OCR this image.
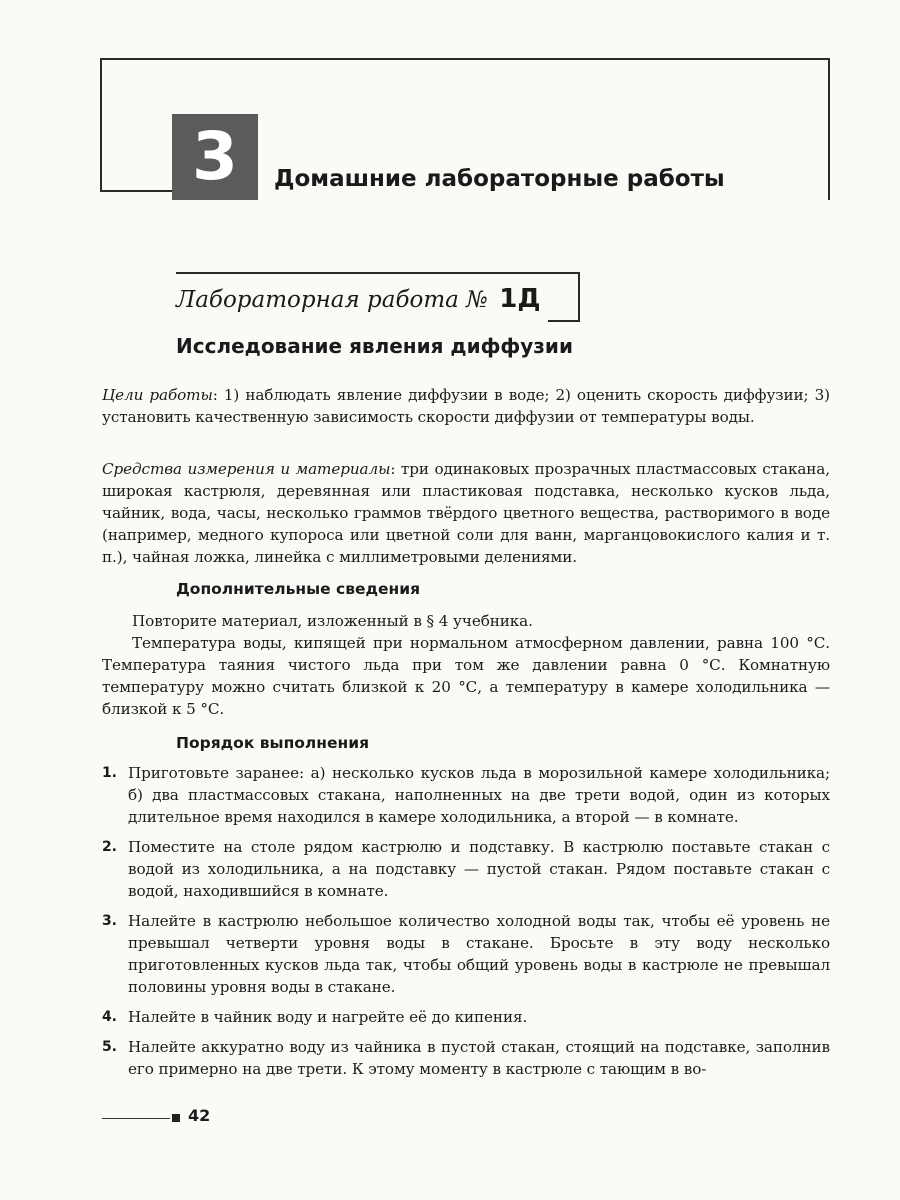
3	Домашние лабораторные работы
Лабораторная работа № 1Д
Исследование явления диффузии
Цели работы: 1) наблюдать явление диффузии в воде; 2) оценить скорость диффузии; 3) установить качественную зависимость скорости диффузии от температуры воды.
Средства измерения и материалы: три одинаковых прозрачных пластмассовых стакана, широкая кастрюля, деревянная или пластиковая подставка, несколько кусков льда, чайник, вода, часы, несколько граммов твёрдого цветного вещества, растворимого в воде (например, медного купороса или цветной соли для ванн, марганцовокислого калия и т. п.), чайная ложка, линейка с миллиметровыми делениями.
Дополнительные сведения
Повторите материал, изложенный в § 4 учебника.
Температура воды, кипящей при нормальном атмосферном давлении, равна 100 °С. Температура таяния чистого льда при том же давлении равна 0 °С. Комнатную температуру можно считать близкой к 20 °С, а температуру в камере холодильника — близкой к 5 °С.
Порядок выполнения
1. Приготовьте заранее: а) несколько кусков льда в морозильной камере холодильника; б) два пластмассовых стакана, наполненных на две трети водой, один из которых длительное время находился в камере холодильника, а второй — в комнате.
2. Поместите на столе рядом кастрюлю и подставку. В кастрюлю поставьте стакан с водой из холодильника, а на подставку — пустой стакан. Рядом поставьте стакан с водой, находившийся в комнате.
3. Налейте в кастрюлю небольшое количество холодной воды так, чтобы её уровень не превышал четверти уровня воды в стакане. Бросьте в эту воду несколько приготовленных кусков льда так, чтобы общий уровень воды в кастрюле не превышал половины уровня воды в стакане.
4. Налейте в чайник воду и нагрейте её до кипения.
5. Налейте аккуратно воду из чайника в пустой стакан, стоящий на подставке, заполнив его примерно на две трети. К этому моменту в кастрюле с тающим в во-
42
